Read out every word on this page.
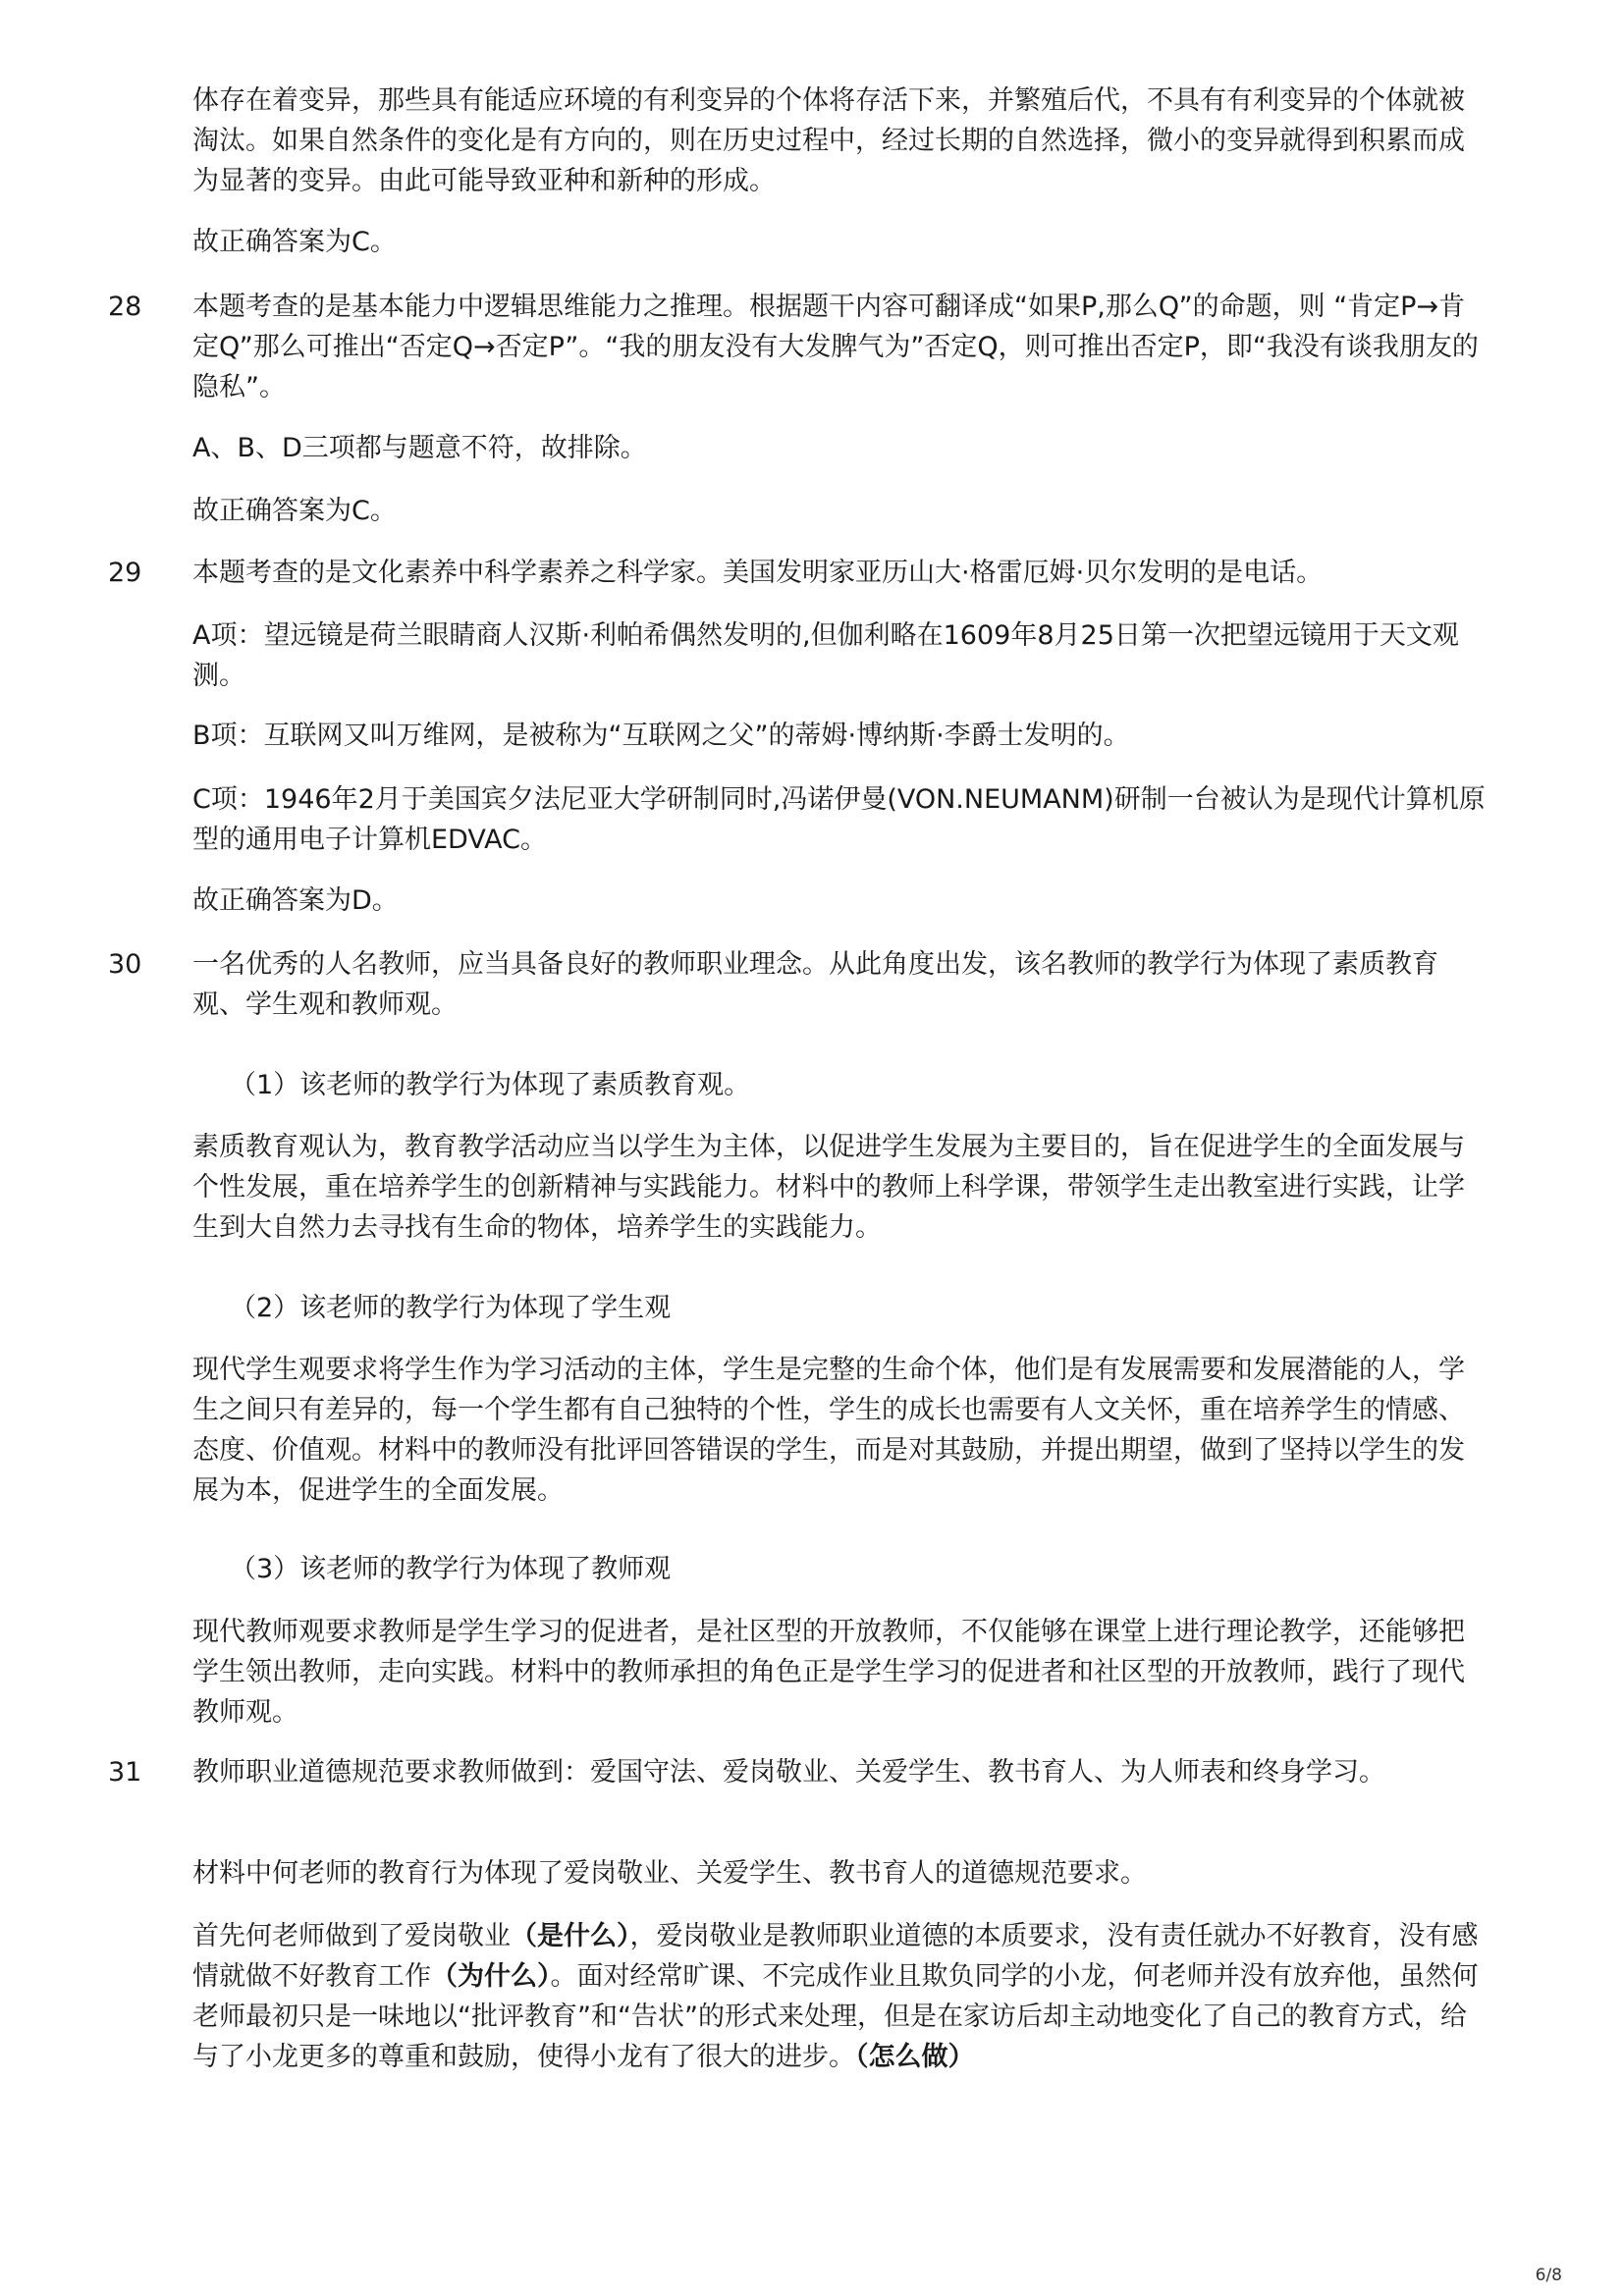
体存在着变异，那些具有能适应环境的有利变异的个体将存活下来，并繁殖后代，不具有有利变异的个体就被淘汰。如果自然条件的变化是有方向的，则在历史过程中，经过长期的自然选择，微小的变异就得到积累而成为显著的变异。由此可能导致亚种和新种的形成。
故正确答案为C。
28 本题考查的是基本能力中逻辑思维能力之推理。根据题干内容可翻译成“如果P,那么Q”的命题，则 “肯定P→肯定Q”那么可推出“否定Q→否定P”。“我的朋友没有大发脾气为”否定Q，则可推出否定P，即“我没有谈我朋友的隐私”。
A、B、D三项都与题意不符，故排除。
故正确答案为C。
29 本题考查的是文化素养中科学素养之科学家。美国发明家亚历山大·格雷厄姆·贝尔发明的是电话。
A项：望远镜是荷兰眼睛商人汉斯·利帕希偶然发明的,但伽利略在1609年8月25日第一次把望远镜用于天文观测。
B项：互联网又叫万维网，是被称为“互联网之父”的蒂姆·博纳斯·李爵士发明的。
C项：1946年2月于美国宾夕法尼亚大学研制同时,冯诺伊曼(VON.NEUMANM)研制一台被认为是现代计算机原型的通用电子计算机EDVAC。
故正确答案为D。
30 一名优秀的人名教师，应当具备良好的教师职业理念。从此角度出发，该名教师的教学行为体现了素质教育观、学生观和教师观。
（1）该老师的教学行为体现了素质教育观。
素质教育观认为，教育教学活动应当以学生为主体，以促进学生发展为主要目的，旨在促进学生的全面发展与个性发展，重在培养学生的创新精神与实践能力。材料中的教师上科学课，带领学生走出教室进行实践，让学生到大自然力去寻找有生命的物体，培养学生的实践能力。
（2）该老师的教学行为体现了学生观
现代学生观要求将学生作为学习活动的主体，学生是完整的生命个体，他们是有发展需要和发展潜能的人，学生之间只有差异的，每一个学生都有自己独特的个性，学生的成长也需要有人文关怀，重在培养学生的情感、态度、价值观。材料中的教师没有批评回答错误的学生，而是对其鼓励，并提出期望，做到了坚持以学生的发展为本，促进学生的全面发展。
（3）该老师的教学行为体现了教师观
现代教师观要求教师是学生学习的促进者，是社区型的开放教师，不仅能够在课堂上进行理论教学，还能够把学生领出教师，走向实践。材料中的教师承担的角色正是学生学习的促进者和社区型的开放教师，践行了现代教师观。
31 教师职业道德规范要求教师做到：爱国守法、爱岗敬业、关爱学生、教书育人、为人师表和终身学习。
材料中何老师的教育行为体现了爱岗敬业、关爱学生、教书育人的道德规范要求。
首先何老师做到了爱岗敬业（是什么），爱岗敬业是教师职业道德的本质要求，没有责任就办不好教育，没有感情就做不好教育工作（为什么）。面对经常旷课、不完成作业且欺负同学的小龙，何老师并没有放弃他，虽然何老师最初只是一味地以“批评教育”和“告状”的形式来处理，但是在家访后却主动地变化了自己的教育方式，给与了小龙更多的尊重和鼓励，使得小龙有了很大的进步。（怎么做）
6/8
